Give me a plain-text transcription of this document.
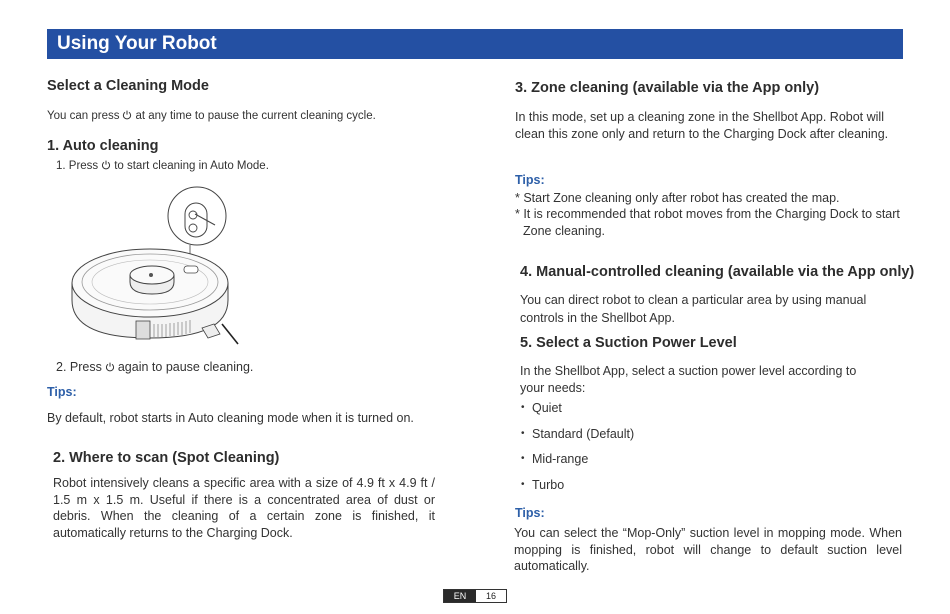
Using Your Robot
Select a Cleaning Mode
You can press at any time to pause the current cleaning cycle.
1. Auto cleaning
1. Press to start cleaning in Auto Mode.
2. Press again to pause cleaning.
Tips:
By default, robot starts in Auto cleaning mode when it is turned on.
2. Where to scan (Spot Cleaning)
Robot intensively cleans a specific area with a size of 4.9 ft x 4.9 ft / 1.5 m x 1.5 m. Useful if there is a concentrated area of dust or debris. When the cleaning of a certain zone is finished, it automatically returns to the Charging Dock.
3. Zone cleaning (available via the App only)
In this mode, set up a cleaning zone in the Shellbot App. Robot will clean this zone only and return to the Charging Dock after cleaning.
Tips:
* Start Zone cleaning only after robot has created the map.
* It is recommended that robot moves from the Charging Dock to start Zone cleaning.
4. Manual-controlled cleaning (available via the App only)
You can direct robot to clean a particular area by using manual controls in the Shellbot App.
5. Select a Suction Power Level
In the Shellbot App, select a suction power level according to your needs:
• Quiet
• Standard (Default)
• Mid-range
• Turbo
Tips:
You can select the “Mop-Only” suction level in mopping mode. When mopping is finished, robot will change to default suction level automatically.
EN	16
